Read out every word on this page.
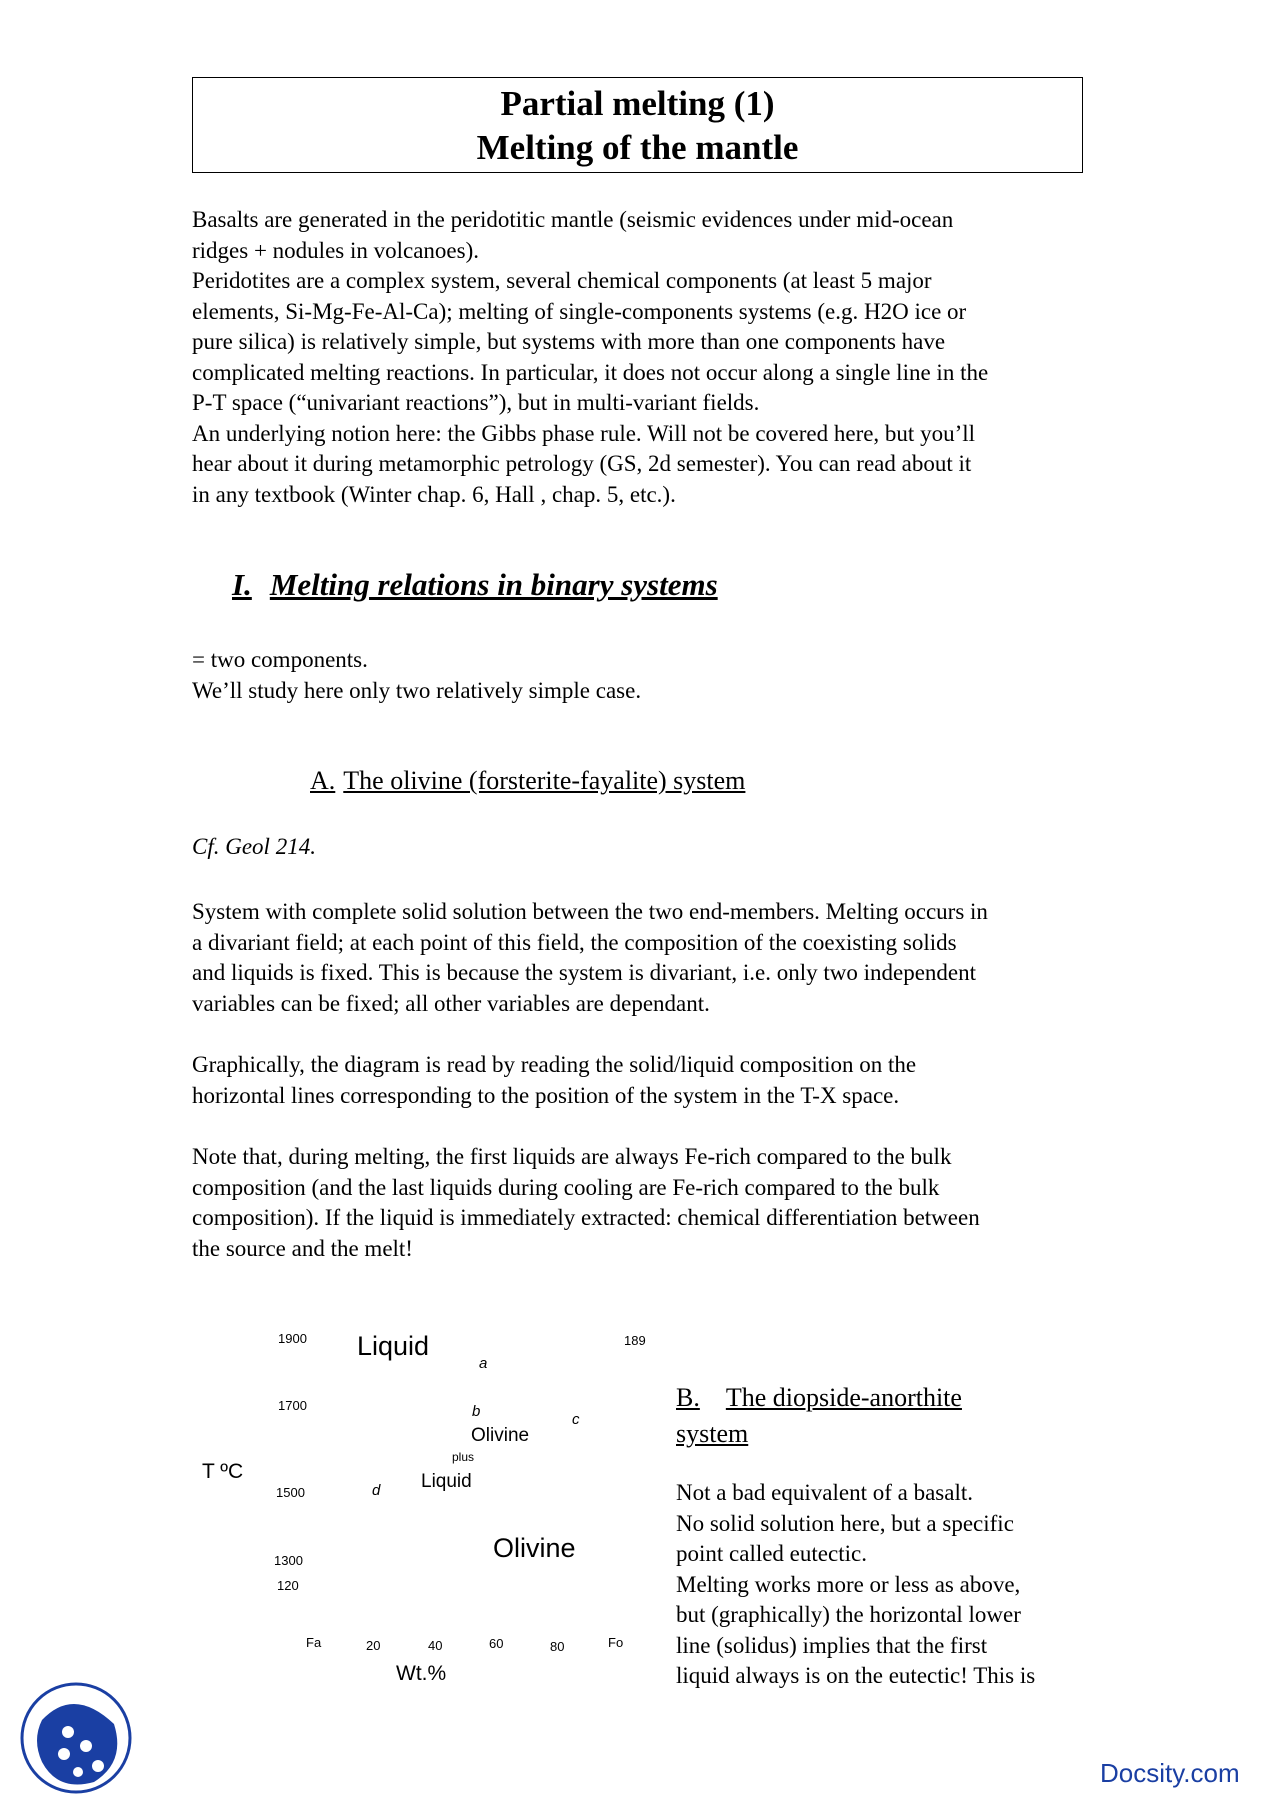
Partial melting (1)
Melting of the mantle

Basalts are generated in the peridotitic mantle (seismic evidences under mid-ocean
ridges + nodules in volcanoes).
Peridotites are a complex system, several chemical components (at least 5 major
elements, Si-Mg-Fe-Al-Ca); melting of single-components systems (e.g. H2O ice or
pure silica) is relatively simple, but systems with more than one components have
complicated melting reactions. In particular, it does not occur along a single line in the
P-T space (“univariant reactions”), but in multi-variant fields.
An underlying notion here: the Gibbs phase rule. Will not be covered here, but you’ll
hear about it during metamorphic petrology (GS, 2d semester). You can read about it
in any textbook (Winter chap. 6, Hall , chap. 5, etc.).

I. Melting relations in binary systems

= two components.
We’ll study here only two relatively simple case.

A. The olivine (forsterite-fayalite) system
Cf. Geol 214.

System with complete solid solution between the two end-members. Melting occurs in
a divariant field; at each point of this field, the composition of the coexisting solids
and liquids is fixed. This is because the system is divariant, i.e. only two independent
variables can be fixed; all other variables are dependant.

Graphically, the diagram is read by reading the solid/liquid composition on the
horizontal lines corresponding to the position of the system in the T-X space.

Note that, during melting, the first liquids are always Fe-rich compared to the bulk
composition (and the last liquids during cooling are Fe-rich compared to the bulk
composition). If the liquid is immediately extracted: chemical differentiation between
the source and the melt!

1900
1700
1500
1300
120
189
T ºC
Liquid
a
b	c
d
Olivine
plus
Liquid
Olivine
Fa	20	40	60	80	Fo
Wt.%
B. The diopside-anorthite
system

Not a bad equivalent of a basalt.
No solid solution here, but a specific
point called eutectic.
Melting works more or less as above,
but (graphically) the horizontal lower
line (solidus) implies that the first
liquid always is on the eutectic! This is

Docsity.com
